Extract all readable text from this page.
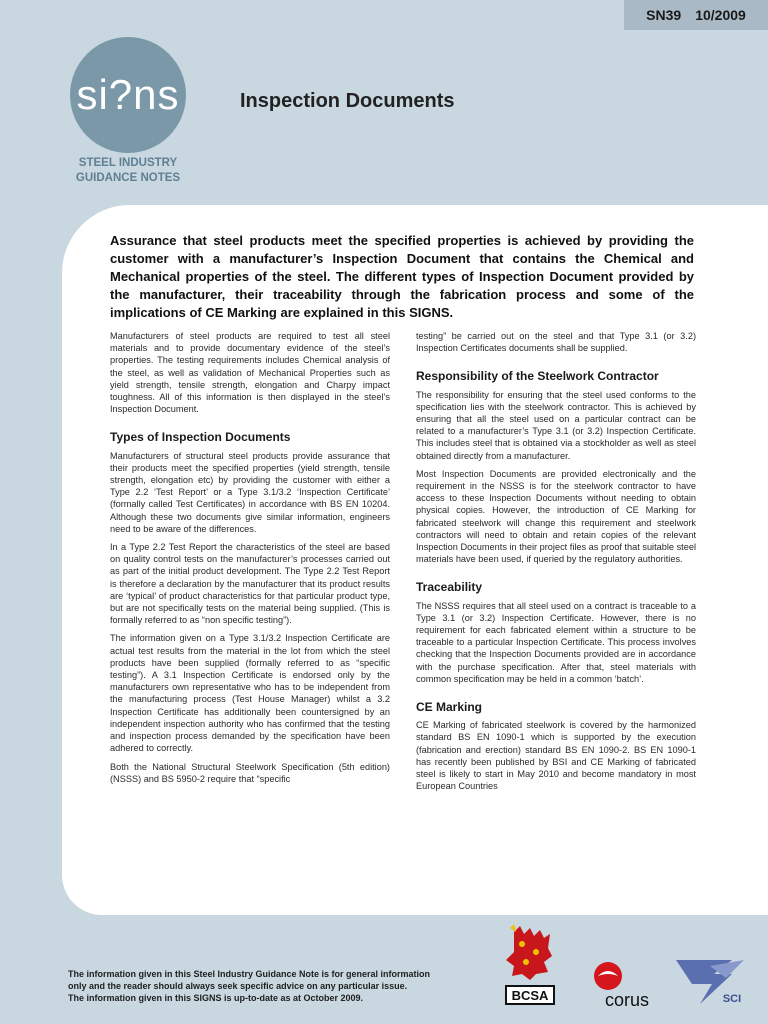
SN39 10/2009
si?ns
STEEL INDUSTRY
GUIDANCE NOTES
Inspection Documents
Assurance that steel products meet the specified properties is achieved by providing the customer with a manufacturer’s Inspection Document that contains the Chemical and Mechanical properties of the steel. The different types of Inspection Document provided by the manufacturer, their traceability through the fabrication process and some of the implications of CE Marking are explained in this SIGNS.

Manufacturers of steel products are required to test all steel materials and to provide documentary evidence of the steel’s properties. The testing requirements includes Chemical analysis of the steel, as well as validation of Mechanical Properties such as yield strength, tensile strength, elongation and Charpy impact toughness. All of this information is then displayed in the steel’s Inspection Document.

Types of Inspection Documents

Manufacturers of structural steel products provide assurance that their products meet the specified properties (yield strength, tensile strength, elongation etc) by providing the customer with either a Type 2.2 ‘Test Report’ or a Type 3.1/3.2 ‘Inspection Certificate’ (formally called Test Certificates) in accordance with BS EN 10204. Although these two documents give similar information, engineers need to be aware of the differences.

In a Type 2.2 Test Report the characteristics of the steel are based on quality control tests on the manufacturer’s processes carried out as part of the initial product development. The Type 2.2 Test Report is therefore a declaration by the manufacturer that its product results are ‘typical’ of product characteristics for that particular product type, but are not specifically tests on the material being supplied. (This is formally referred to as “non specific testing”).

The information given on a Type 3.1/3.2 Inspection Certificate are actual test results from the material in the lot from which the steel products have been supplied (formally referred to as “specific testing”). A 3.1 Inspection Certificate is endorsed only by the manufacturers own representative who has to be independent from the manufacturing process (Test House Manager) whilst a 3.2 Inspection Certificate has additionally been countersigned by an independent inspection authority who has confirmed that the testing and inspection process demanded by the specification have been adhered to correctly.

Both the National Structural Steelwork Specification (5th edition) (NSSS) and BS 5950-2 require that “specific

testing” be carried out on the steel and that Type 3.1 (or 3.2) Inspection Certificates documents shall be supplied.

Responsibility of the Steelwork Contractor

The responsibility for ensuring that the steel used conforms to the specification lies with the steelwork contractor. This is achieved by ensuring that all the steel used on a particular contract can be related to a manufacturer’s Type 3.1 (or 3.2) Inspection Certificate. This includes steel that is obtained via a stockholder as well as steel obtained directly from a manufacturer.

Most Inspection Documents are provided electronically and the requirement in the NSSS is for the steelwork contractor to have access to these Inspection Documents without needing to obtain physical copies. However, the introduction of CE Marking for fabricated steelwork will change this requirement and steelwork contractors will need to obtain and retain copies of the relevant Inspection Documents in their project files as proof that suitable steel materials have been used, if queried by the regulatory authorities.

Traceability

The NSSS requires that all steel used on a contract is traceable to a Type 3.1 (or 3.2) Inspection Certificate. However, there is no requirement for each fabricated element within a structure to be traceable to a particular Inspection Certificate. This process involves checking that the Inspection Documents provided are in accordance with the purchase specification. After that, steel materials with common specification may be held in a common ‘batch’.

CE Marking

CE Marking of fabricated steelwork is covered by the harmonized standard BS EN 1090-1 which is supported by the execution (fabrication and erection) standard BS EN 1090-2. BS EN 1090-1 has recently been published by BSI and CE Marking of fabricated steel is likely to start in May 2010 and become mandatory in most European Countries

The information given in this Steel Industry Guidance Note is for general information
only and the reader should always seek specific advice on any particular issue.
The information given in this SIGNS is up-to-date as at October 2009.	BCSA	corus	SCI
